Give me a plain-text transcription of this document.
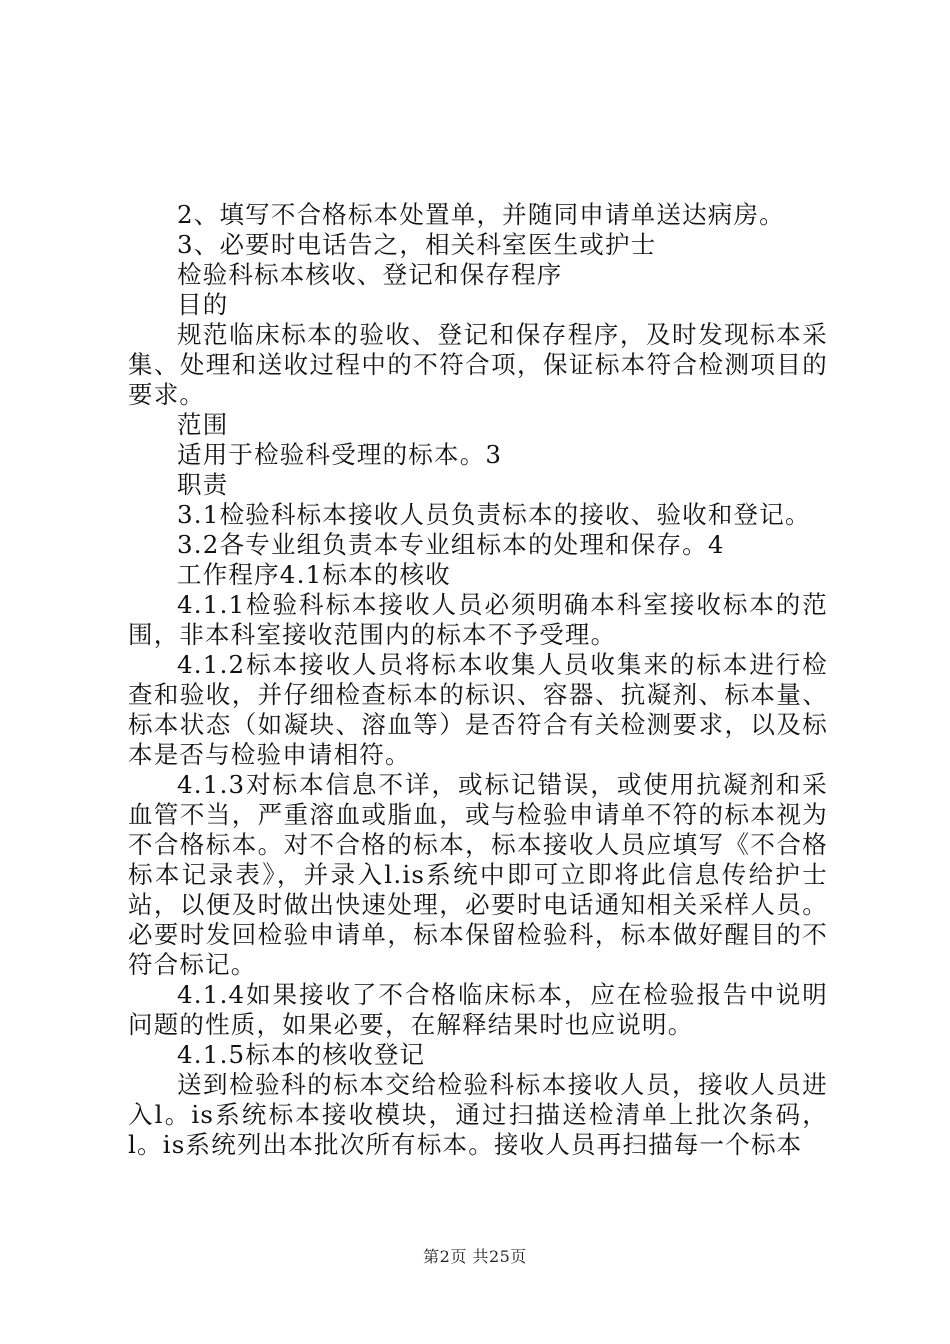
2、填写不合格标本处置单，并随同申请单送达病房。

3、必要时电话告之，相关科室医生或护士

检验科标本核收、登记和保存程序

目的

规范临床标本的验收、登记和保存程序，及时发现标本采集、处理和送收过程中的不符合项，保证标本符合检测项目的要求。

范围

适用于检验科受理的标本。3

职责

3.1检验科标本接收人员负责标本的接收、验收和登记。

3.2各专业组负责本专业组标本的处理和保存。4

工作程序4.1标本的核收

4.1.1检验科标本接收人员必须明确本科室接收标本的范围，非本科室接收范围内的标本不予受理。

4.1.2标本接收人员将标本收集人员收集来的标本进行检查和验收，并仔细检查标本的标识、容器、抗凝剂、标本量、标本状态（如凝块、溶血等）是否符合有关检测要求，以及标本是否与检验申请相符。

4.1.3对标本信息不详，或标记错误，或使用抗凝剂和采血管不当，严重溶血或脂血，或与检验申请单不符的标本视为不合格标本。对不合格的标本，标本接收人员应填写《不合格标本记录表》，并录入l.is系统中即可立即将此信息传给护士站，以便及时做出快速处理，必要时电话通知相关采样人员。必要时发回检验申请单，标本保留检验科，标本做好醒目的不符合标记。

4.1.4如果接收了不合格临床标本，应在检验报告中说明问题的性质，如果必要，在解释结果时也应说明。

4.1.5标本的核收登记

送到检验科的标本交给检验科标本接收人员，接收人员进入l。is系统标本接收模块，通过扫描送检清单上批次条码，l。is系统列出本批次所有标本。接收人员再扫描每一个标本

第2页 共25页
